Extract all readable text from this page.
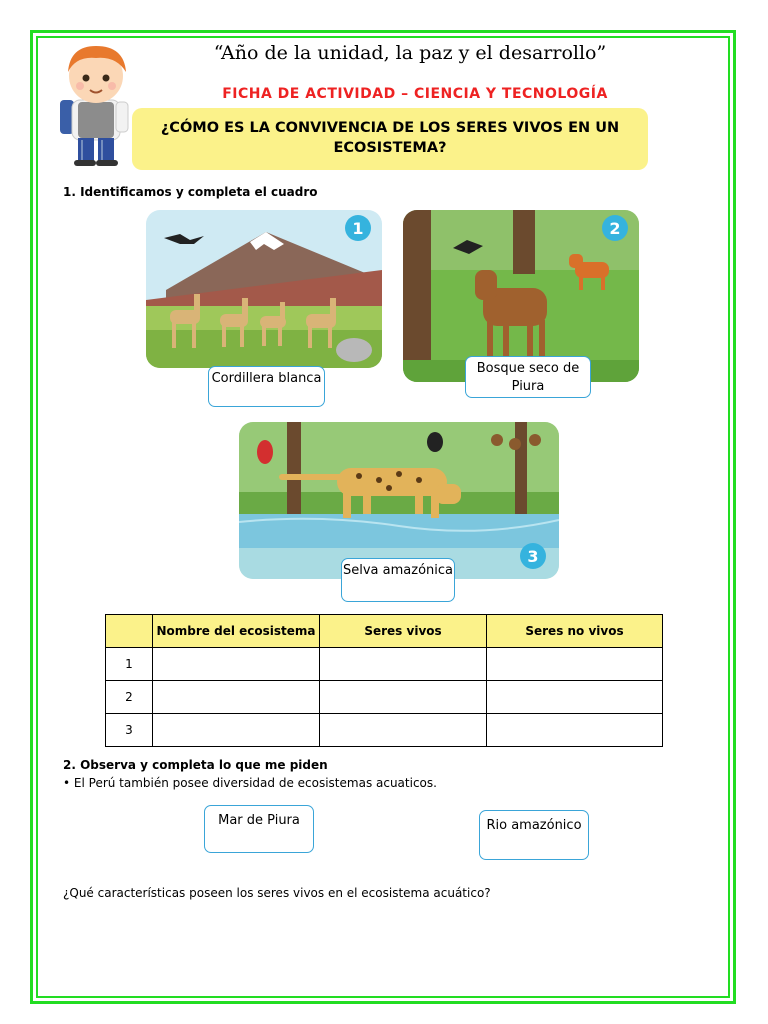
“Año de la unidad, la paz y el desarrollo”
FICHA DE ACTIVIDAD – CIENCIA Y TECNOLOGÍA
¿CÓMO ES LA CONVIVENCIA DE LOS SERES VIVOS EN UN ECOSISTEMA?
1. Identificamos y completa el cuadro
1	2
3
Cordillera blanca
Bosque seco de Piura
Selva amazónica
	Nombre del ecosistema	Seres vivos	Seres no vivos
1			
2			
3			
2. Observa y completa lo que me piden
• El Perú también posee diversidad de ecosistemas acuaticos.
Mar de Piura	Rio amazónico
¿Qué características poseen los seres vivos en el ecosistema acuático?
